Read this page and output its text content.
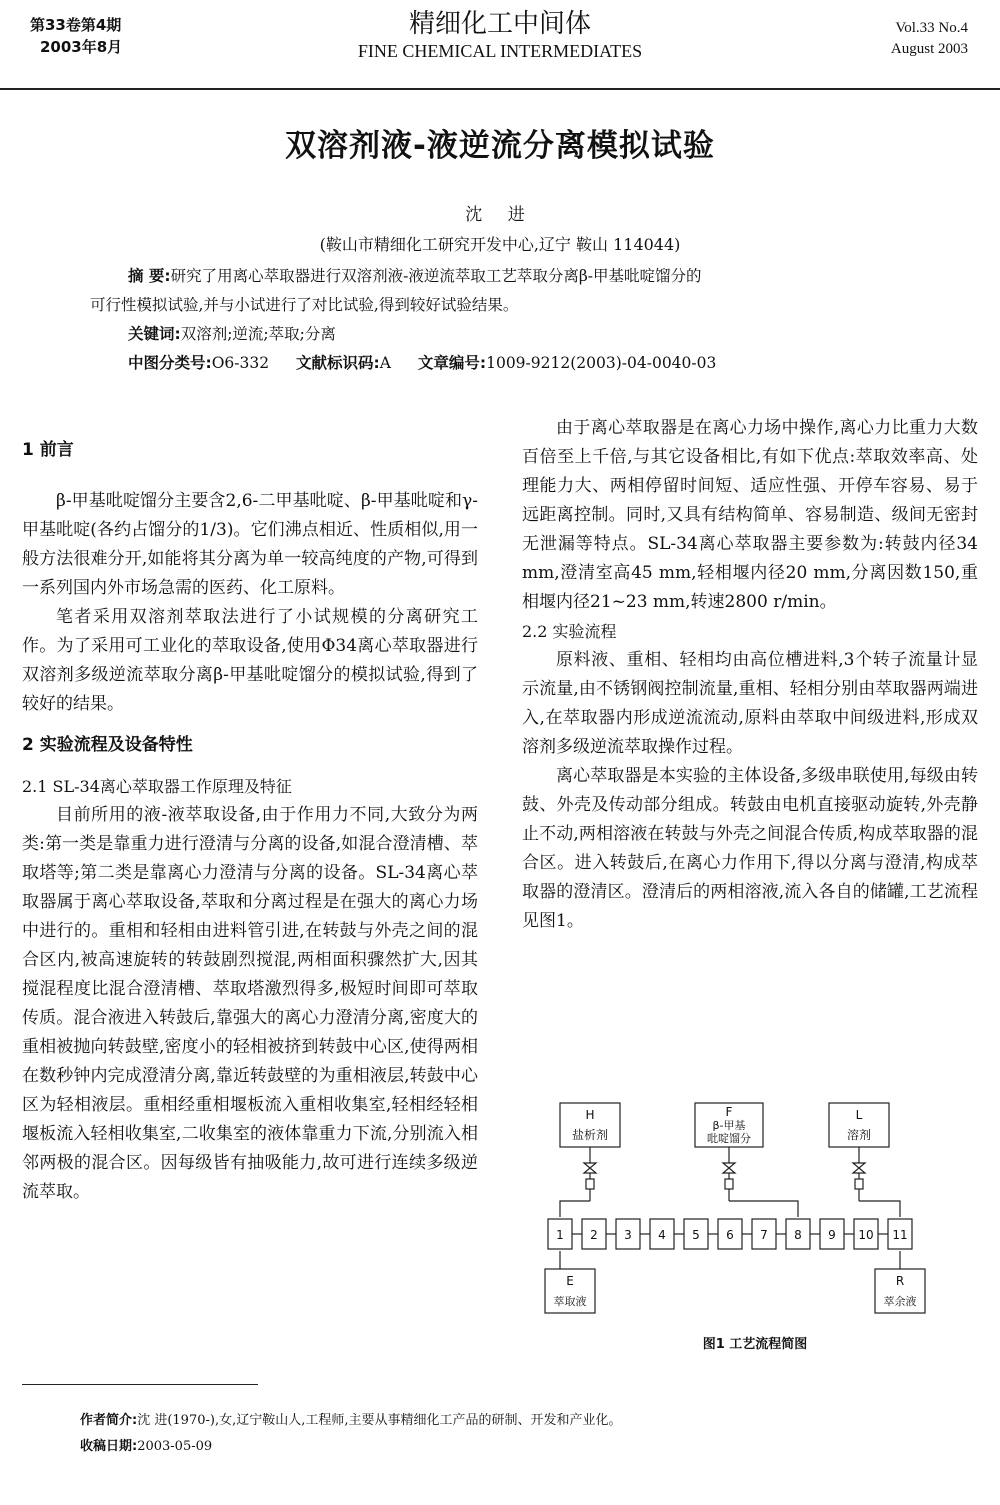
第33卷第4期
2003年8月
精细化工中间体
FINE CHEMICAL INTERMEDIATES
Vol.33 No.4
August 2003
双溶剂液-液逆流分离模拟试验
沈 进
(鞍山市精细化工研究开发中心,辽宁 鞍山 114044)
摘 要:研究了用离心萃取器进行双溶剂液-液逆流萃取工艺萃取分离β-甲基吡啶馏分的
可行性模拟试验,并与小试进行了对比试验,得到较好试验结果。
关键词:双溶剂;逆流;萃取;分离
中图分类号:O6-332 文献标识码:A 文章编号:1009-9212(2003)-04-0040-03
1 前言

β-甲基吡啶馏分主要含2,6-二甲基吡啶、β-甲基吡啶和γ-甲基吡啶(各约占馏分的1/3)。它们沸点相近、性质相似,用一般方法很难分开,如能将其分离为单一较高纯度的产物,可得到一系列国内外市场急需的医药、化工原料。

笔者采用双溶剂萃取法进行了小试规模的分离研究工作。为了采用可工业化的萃取设备,使用Φ34离心萃取器进行双溶剂多级逆流萃取分离β-甲基吡啶馏分的模拟试验,得到了较好的结果。

2 实验流程及设备特性
2.1 SL-34离心萃取器工作原理及特征

目前所用的液-液萃取设备,由于作用力不同,大致分为两类:第一类是靠重力进行澄清与分离的设备,如混合澄清槽、萃取塔等;第二类是靠离心力澄清与分离的设备。SL-34离心萃取器属于离心萃取设备,萃取和分离过程是在强大的离心力场中进行的。重相和轻相由进料管引进,在转鼓与外壳之间的混合区内,被高速旋转的转鼓剧烈搅混,两相面积骤然扩大,因其搅混程度比混合澄清槽、萃取塔激烈得多,极短时间即可萃取传质。混合液进入转鼓后,靠强大的离心力澄清分离,密度大的重相被抛向转鼓壁,密度小的轻相被挤到转鼓中心区,使得两相在数秒钟内完成澄清分离,靠近转鼓壁的为重相液层,转鼓中心区为轻相液层。重相经重相堰板流入重相收集室,轻相经轻相堰板流入轻相收集室,二收集室的液体靠重力下流,分别流入相邻两极的混合区。因每级皆有抽吸能力,故可进行连续多级逆流萃取。

由于离心萃取器是在离心力场中操作,离心力比重力大数百倍至上千倍,与其它设备相比,有如下优点:萃取效率高、处理能力大、两相停留时间短、适应性强、开停车容易、易于远距离控制。同时,又具有结构简单、容易制造、级间无密封无泄漏等特点。SL-34离心萃取器主要参数为:转鼓内径34 mm,澄清室高45 mm,轻相堰内径20 mm,分离因数150,重相堰内径21~23 mm,转速2800 r/min。

2.2 实验流程

原料液、重相、轻相均由高位槽进料,3个转子流量计显示流量,由不锈钢阀控制流量,重相、轻相分别由萃取器两端进入,在萃取器内形成逆流流动,原料由萃取中间级进料,形成双溶剂多级逆流萃取操作过程。

离心萃取器是本实验的主体设备,多级串联使用,每级由转鼓、外壳及传动部分组成。转鼓由电机直接驱动旋转,外壳静止不动,两相溶液在转鼓与外壳之间混合传质,构成萃取器的混合区。进入转鼓后,在离心力作用下,得以分离与澄清,构成萃取器的澄清区。澄清后的两相溶液,流入各自的储罐,工艺流程见图1。

H
盐析剂
F
β-甲基
吡啶馏分
L
溶剂
1 2 3 4 5 6 7 8 9 10 11
E
萃取液
R
萃余液
图1 工艺流程简图
作者简介:沈 进(1970-),女,辽宁鞍山人,工程师,主要从事精细化工产品的研制、开发和产业化。
收稿日期:2003-05-09
